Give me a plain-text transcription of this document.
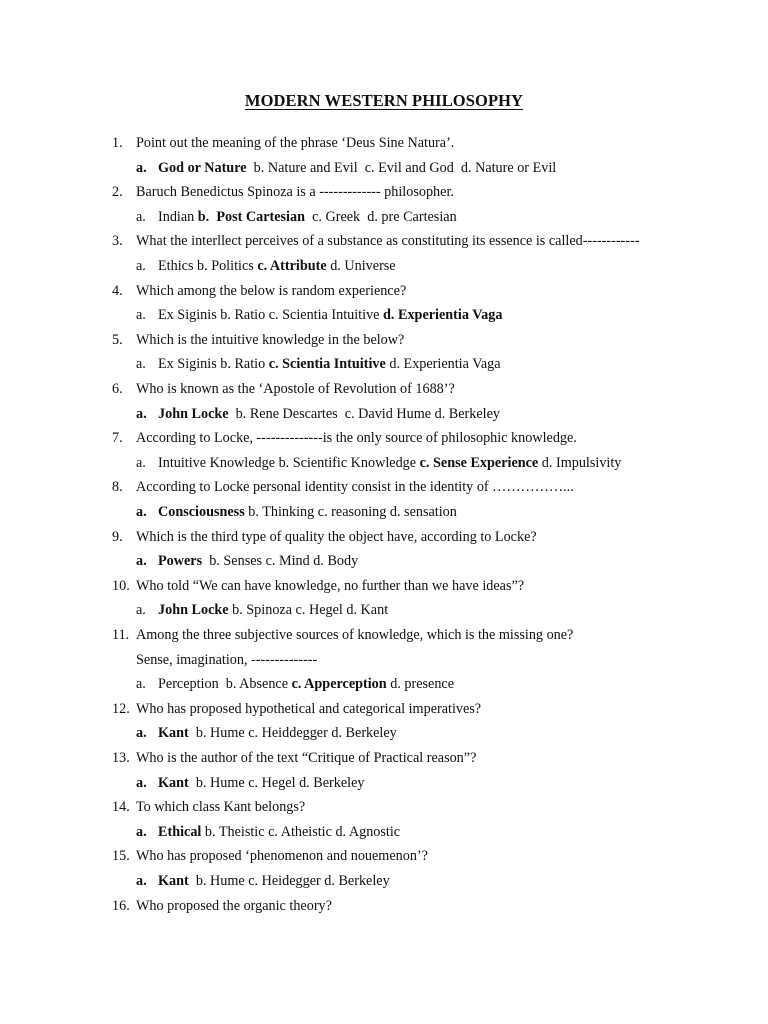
MODERN WESTERN PHILOSOPHY
1. Point out the meaning of the phrase ‘Deus Sine Natura’.
a. God or Nature  b. Nature and Evil  c. Evil and God  d. Nature or Evil
2. Baruch Benedictus Spinoza is a ------------- philosopher.
a. Indian b.  Post Cartesian  c. Greek  d. pre Cartesian
3. What the interllect perceives of a substance as constituting its essence is called------------
a. Ethics b. Politics c. Attribute d. Universe
4. Which among the below is random experience?
a. Ex Siginis b. Ratio c. Scientia Intuitive d. Experientia Vaga
5. Which is the intuitive knowledge in the below?
a. Ex Siginis b. Ratio c. Scientia Intuitive d. Experientia Vaga
6. Who is known as the ‘Apostole of Revolution of 1688’?
a. John Locke  b. Rene Descartes  c. David Hume d. Berkeley
7. According to Locke, --------------is the only source of philosophic knowledge.
a. Intuitive Knowledge b. Scientific Knowledge c. Sense Experience d. Impulsivity
8. According to Locke personal identity consist in the identity of ……………...
a. Consciousness b. Thinking c. reasoning d. sensation
9. Which is the third type of quality the object have, according to Locke?
a. Powers  b. Senses c. Mind d. Body
10. Who told “We can have knowledge, no further than we have ideas”?
a. John Locke b. Spinoza c. Hegel d. Kant
11. Among the three subjective sources of knowledge, which is the missing one?
Sense, imagination, --------------
a. Perception  b. Absence c. Apperception d. presence
12. Who has proposed hypothetical and categorical imperatives?
a. Kant  b. Hume c. Heiddegger d. Berkeley
13. Who is the author of the text “Critique of Practical reason”?
a. Kant  b. Hume c. Hegel d. Berkeley
14. To which class Kant belongs?
a. Ethical b. Theistic c. Atheistic d. Agnostic
15. Who has proposed ‘phenomenon and nouemenon’?
a. Kant  b. Hume c. Heidegger d. Berkeley
16. Who proposed the organic theory?
